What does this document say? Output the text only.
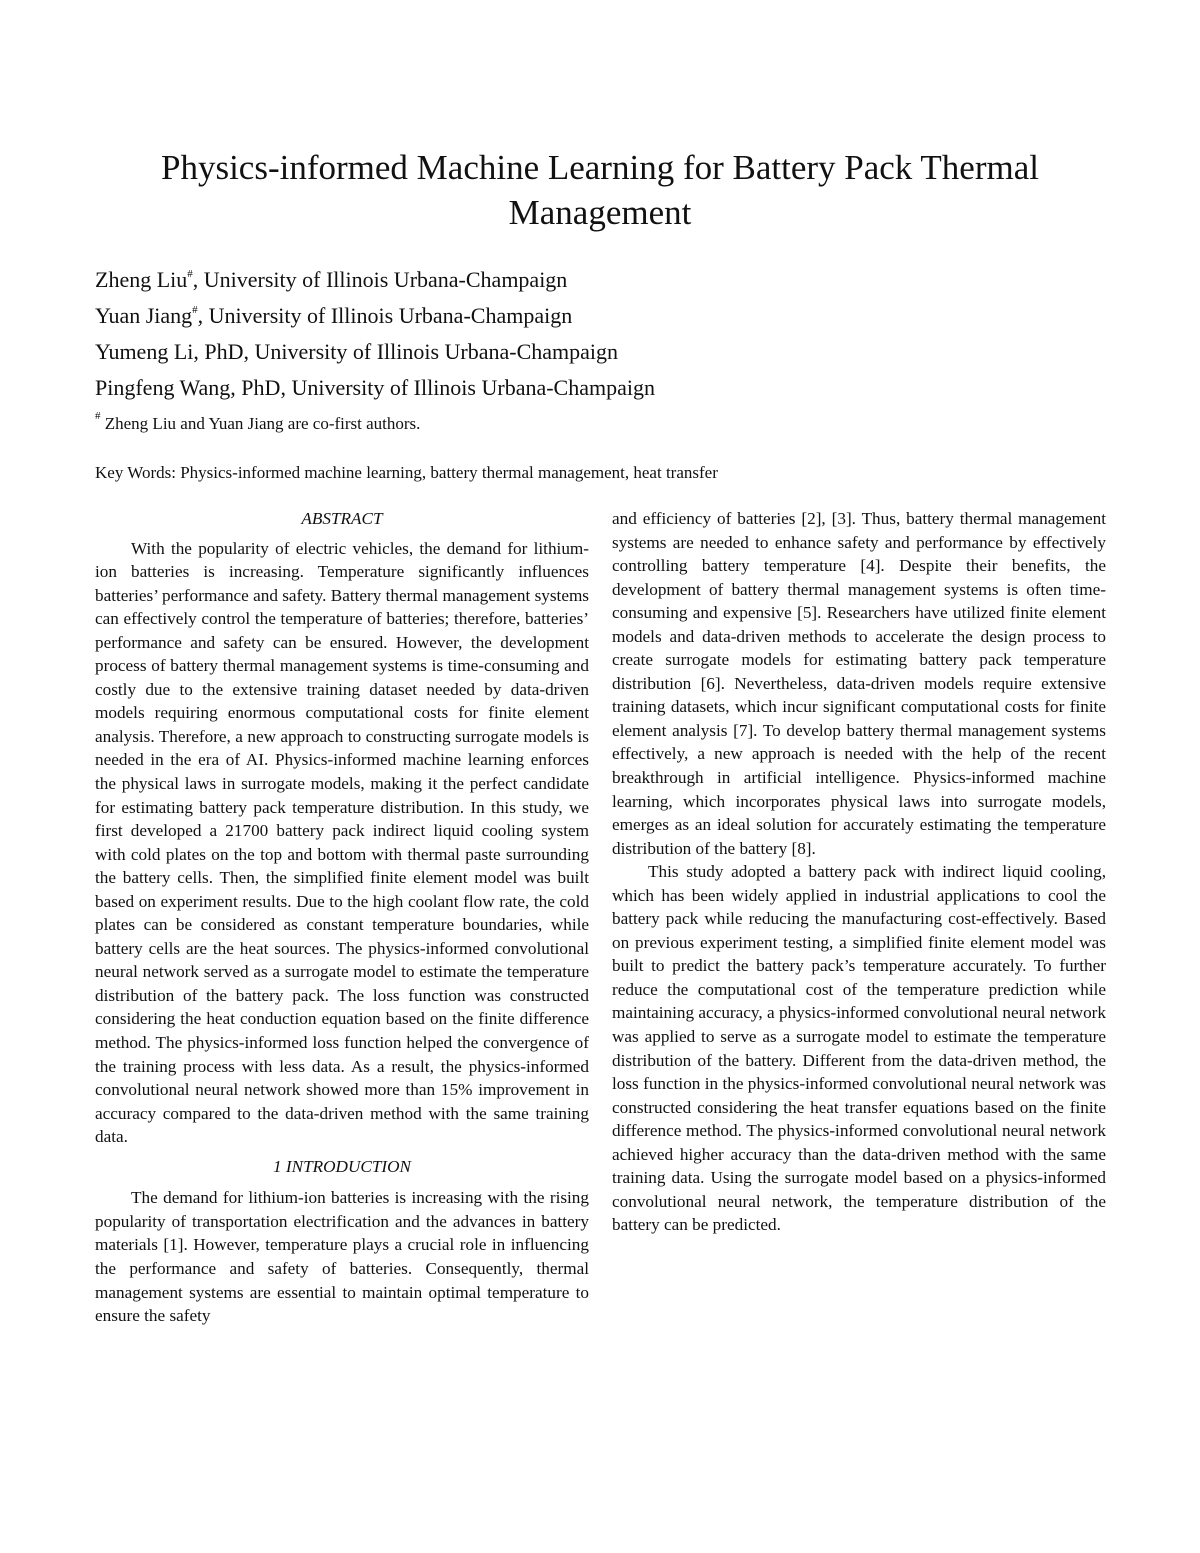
Physics-informed Machine Learning for Battery Pack Thermal Management
Zheng Liu#, University of Illinois Urbana-Champaign
Yuan Jiang#, University of Illinois Urbana-Champaign
Yumeng Li, PhD, University of Illinois Urbana-Champaign
Pingfeng Wang, PhD, University of Illinois Urbana-Champaign
# Zheng Liu and Yuan Jiang are co-first authors.
Key Words: Physics-informed machine learning, battery thermal management, heat transfer

ABSTRACT

With the popularity of electric vehicles, the demand for lithium-ion batteries is increasing. Temperature significantly influences batteries’ performance and safety. Battery thermal management systems can effectively control the temperature of batteries; therefore, batteries’ performance and safety can be ensured. However, the development process of battery thermal management systems is time-consuming and costly due to the extensive training dataset needed by data-driven models requiring enormous computational costs for finite element analysis. Therefore, a new approach to constructing surrogate models is needed in the era of AI. Physics-informed machine learning enforces the physical laws in surrogate models, making it the perfect candidate for estimating battery pack temperature distribution. In this study, we first developed a 21700 battery pack indirect liquid cooling system with cold plates on the top and bottom with thermal paste surrounding the battery cells. Then, the simplified finite element model was built based on experiment results. Due to the high coolant flow rate, the cold plates can be considered as constant temperature boundaries, while battery cells are the heat sources. The physics-informed convolutional neural network served as a surrogate model to estimate the temperature distribution of the battery pack. The loss function was constructed considering the heat conduction equation based on the finite difference method. The physics-informed loss function helped the convergence of the training process with less data. As a result, the physics-informed convolutional neural network showed more than 15% improvement in accuracy compared to the data-driven method with the same training data.

1 INTRODUCTION

The demand for lithium-ion batteries is increasing with the rising popularity of transportation electrification and the advances in battery materials [1]. However, temperature plays a crucial role in influencing the performance and safety of batteries. Consequently, thermal management systems are essential to maintain optimal temperature to ensure the safety

and efficiency of batteries [2], [3]. Thus, battery thermal management systems are needed to enhance safety and performance by effectively controlling battery temperature [4]. Despite their benefits, the development of battery thermal management systems is often time-consuming and expensive [5]. Researchers have utilized finite element models and data-driven methods to accelerate the design process to create surrogate models for estimating battery pack temperature distribution [6]. Nevertheless, data-driven models require extensive training datasets, which incur significant computational costs for finite element analysis [7]. To develop battery thermal management systems effectively, a new approach is needed with the help of the recent breakthrough in artificial intelligence. Physics-informed machine learning, which incorporates physical laws into surrogate models, emerges as an ideal solution for accurately estimating the temperature distribution of the battery [8].

This study adopted a battery pack with indirect liquid cooling, which has been widely applied in industrial applications to cool the battery pack while reducing the manufacturing cost-effectively. Based on previous experiment testing, a simplified finite element model was built to predict the battery pack’s temperature accurately. To further reduce the computational cost of the temperature prediction while maintaining accuracy, a physics-informed convolutional neural network was applied to serve as a surrogate model to estimate the temperature distribution of the battery. Different from the data-driven method, the loss function in the physics-informed convolutional neural network was constructed considering the heat transfer equations based on the finite difference method. The physics-informed convolutional neural network achieved higher accuracy than the data-driven method with the same training data. Using the surrogate model based on a physics-informed convolutional neural network, the temperature distribution of the battery can be predicted.
